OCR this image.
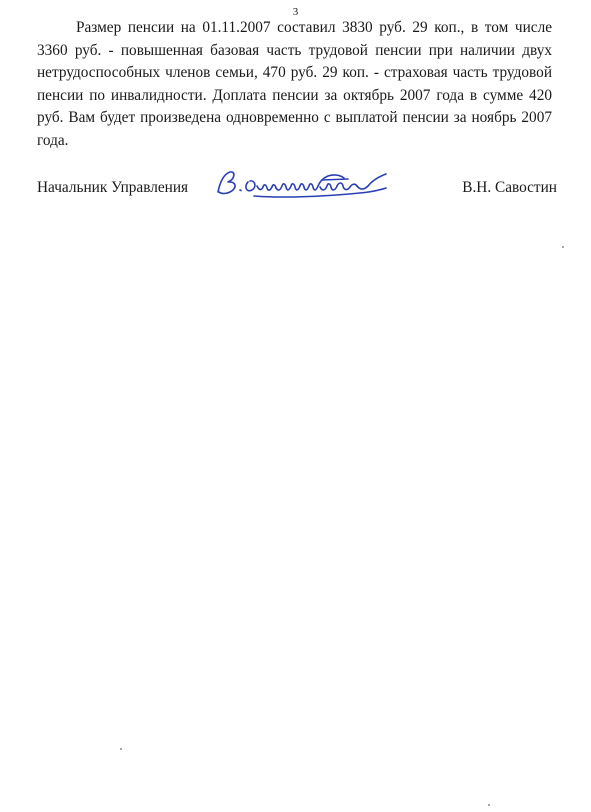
3

Размер пенсии на 01.11.2007 составил 3830 руб. 29 коп., в том числе 3360 руб. - повышенная базовая часть трудовой пенсии при наличии двух нетрудоспособных членов семьи, 470 руб. 29 коп. - страховая часть трудовой пенсии по инвалидности. Доплата пенсии за октябрь 2007 года в сумме 420 руб. Вам будет произведена одновременно с выплатой пенсии за ноябрь 2007 года.

Начальник Управления	В.Н. Савостин
